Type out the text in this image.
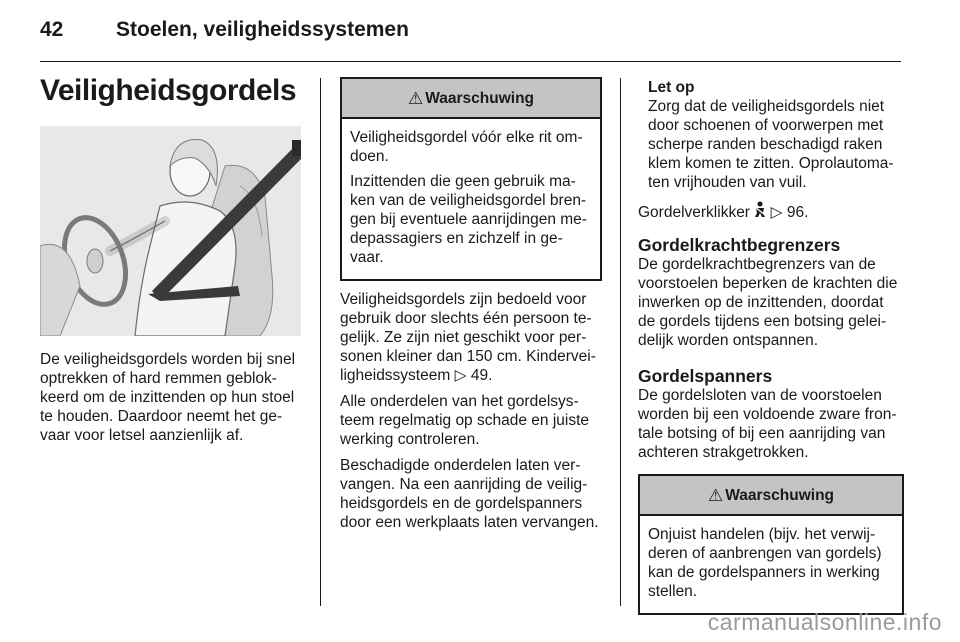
42	Stoelen, veiligheidssystemen
Veiligheidsgordels

De veiligheidsgordels worden bij snel optrekken of hard remmen geblok-keerd om de inzittenden op hun stoel te houden. Daardoor neemt het ge-vaar voor letsel aanzienlijk af.

⚠ Waarschuwing

Veiligheidsgordel vóór elke rit om-doen.

Inzittenden die geen gebruik ma-ken van de veiligheidsgordel bren-gen bij eventuele aanrijdingen me-depassagiers en zichzelf in ge-vaar.

Veiligheidsgordels zijn bedoeld voor gebruik door slechts één persoon te-gelijk. Ze zijn niet geschikt voor per-sonen kleiner dan 150 cm. Kindervei-ligheidssysteem ▷ 49.

Alle onderdelen van het gordelsys-teem regelmatig op schade en juiste werking controleren.

Beschadigde onderdelen laten ver-vangen. Na een aanrijding de veilig-heidsgordels en de gordelspanners door een werkplaats laten vervangen.

Let op

Zorg dat de veiligheidsgordels niet door schoenen of voorwerpen met scherpe randen beschadigd raken klem komen te zitten. Oprolautoma-ten vrijhouden van vuil.

Gordelverklikker ▷ 96.

Gordelkrachtbegrenzers

De gordelkrachtbegrenzers van de voorstoelen beperken de krachten die inwerken op de inzittenden, doordat de gordels tijdens een botsing gelei-delijk worden ontspannen.

Gordelspanners

De gordelsloten van de voorstoelen worden bij een voldoende zware fron-tale botsing of bij een aanrijding van achteren strakgetrokken.

⚠ Waarschuwing

Onjuist handelen (bijv. het verwij-deren of aanbrengen van gordels) kan de gordelspanners in werking stellen.

carmanualsonline.info
